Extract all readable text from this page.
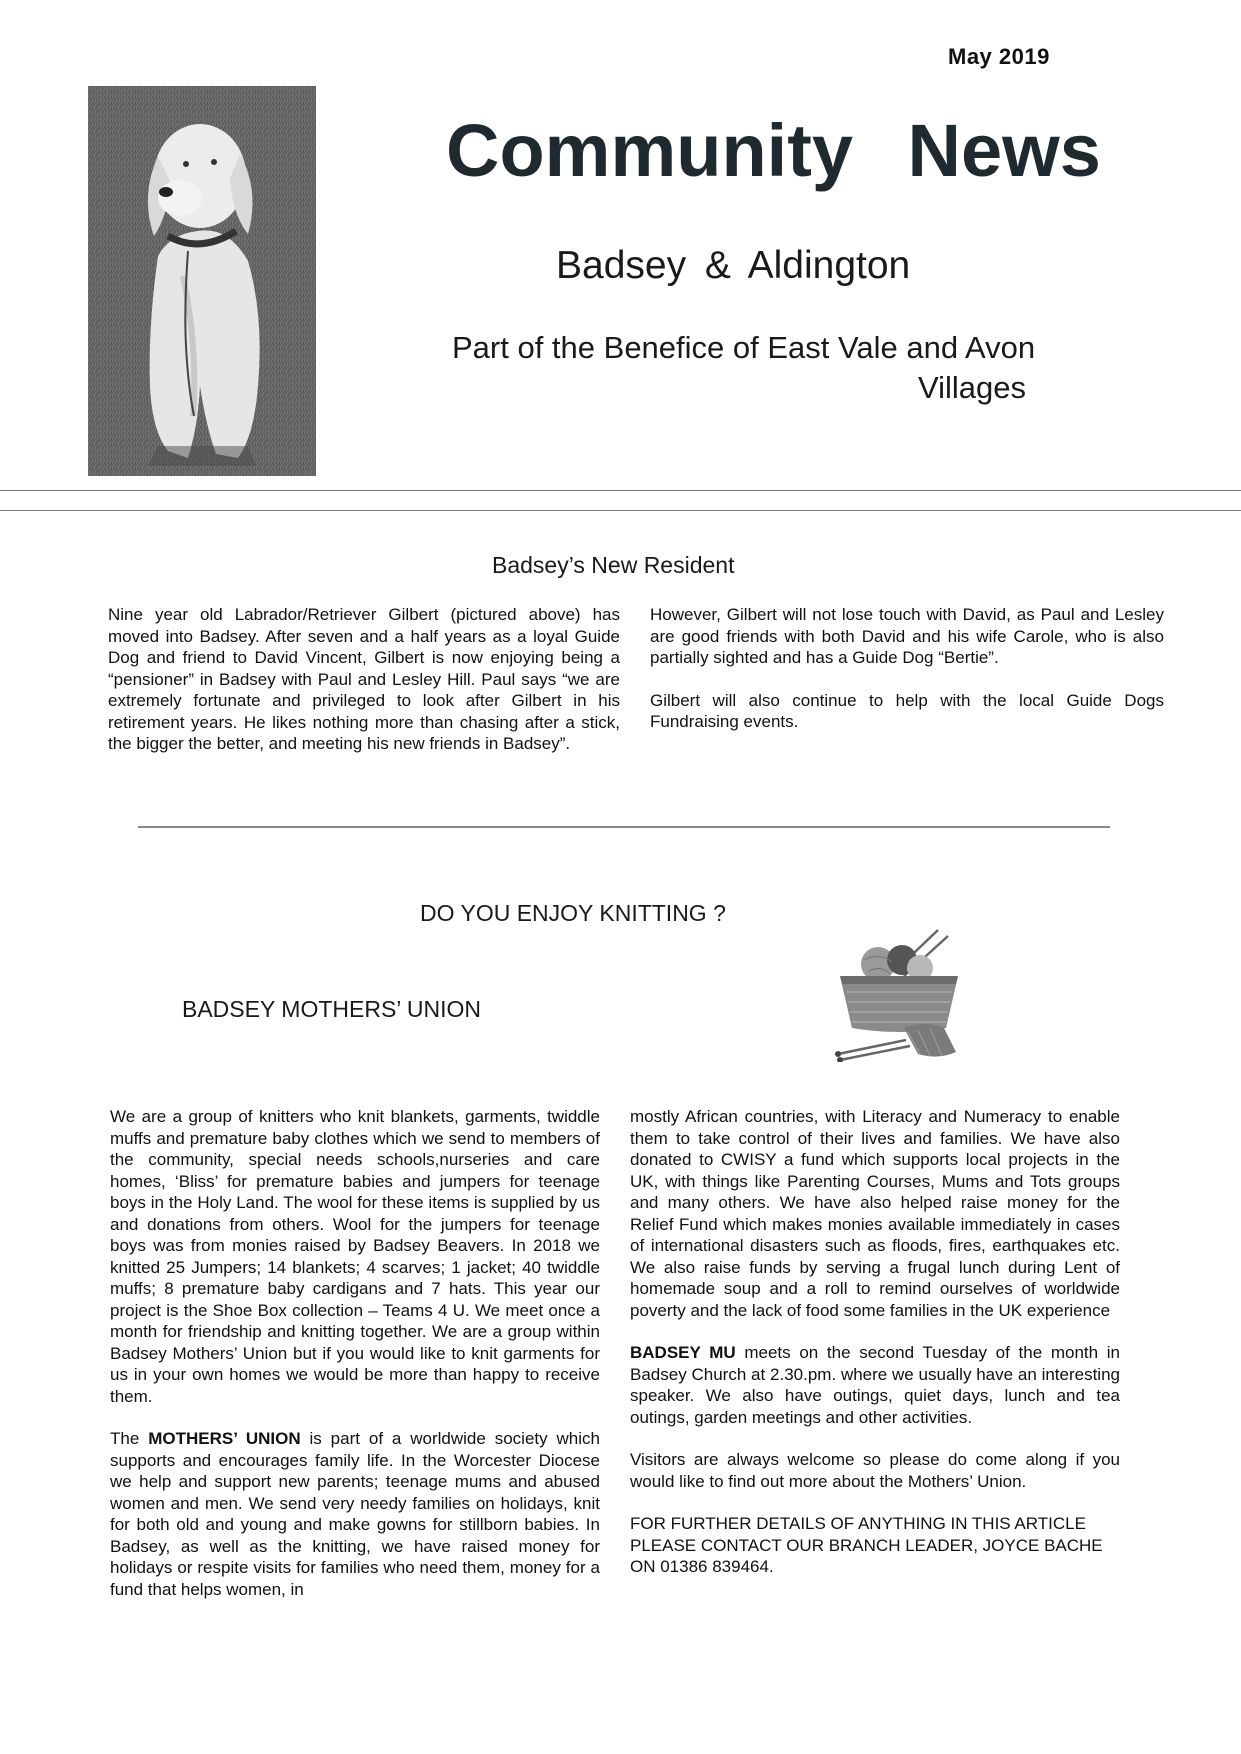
May 2019
Community News
Badsey & Aldington
Part of the Benefice of East Vale and Avon
Villages
Badsey’s New Resident

Nine year old Labrador/Retriever Gilbert (pictured above) has moved into Badsey. After seven and a half years as a loyal Guide Dog and friend to David Vincent, Gilbert is now enjoying being a “pensioner” in Badsey with Paul and Lesley Hill. Paul says “we are extremely fortunate and privileged to look after Gilbert in his retirement years. He likes nothing more than chasing after a stick, the bigger the better, and meeting his new friends in Badsey”.

However, Gilbert will not lose touch with David, as Paul and Lesley are good friends with both David and his wife Carole, who is also partially sighted and has a Guide Dog “Bertie”.

Gilbert will also continue to help with the local Guide Dogs Fundraising events.

DO YOU ENJOY KNITTING ?
BADSEY MOTHERS’ UNION

We are a group of knitters who knit blankets, garments, twiddle muffs and premature baby clothes which we send to members of the community, special needs schools,nurseries and care homes, ‘Bliss’ for premature babies and jumpers for teenage boys in the Holy Land. The wool for these items is supplied by us and donations from others. Wool for the jumpers for teenage boys was from monies raised by Badsey Beavers. In 2018 we knitted 25 Jumpers; 14 blankets; 4 scarves; 1 jacket; 40 twiddle muffs; 8 premature baby cardigans and 7 hats. This year our project is the Shoe Box collection – Teams 4 U. We meet once a month for friendship and knitting together. We are a group within Badsey Mothers’ Union but if you would like to knit garments for us in your own homes we would be more than happy to receive them.

The MOTHERS’ UNION is part of a worldwide society which supports and encourages family life. In the Worcester Diocese we help and support new parents; teenage mums and abused women and men. We send very needy families on holidays, knit for both old and young and make gowns for stillborn babies. In Badsey, as well as the knitting, we have raised money for holidays or respite visits for families who need them, money for a fund that helps women, in

mostly African countries, with Literacy and Numeracy to enable them to take control of their lives and families. We have also donated to CWISY a fund which supports local projects in the UK, with things like Parenting Courses, Mums and Tots groups and many others. We have also helped raise money for the Relief Fund which makes monies available immediately in cases of international disasters such as floods, fires, earthquakes etc. We also raise funds by serving a frugal lunch during Lent of homemade soup and a roll to remind ourselves of worldwide poverty and the lack of food some families in the UK experience

BADSEY MU meets on the second Tuesday of the month in Badsey Church at 2.30.pm. where we usually have an interesting speaker. We also have outings, quiet days, lunch and tea outings, garden meetings and other activities.

Visitors are always welcome so please do come along if you would like to find out more about the Mothers’ Union.

FOR FURTHER DETAILS OF ANYTHING IN THIS ARTICLE PLEASE CONTACT OUR BRANCH LEADER, JOYCE BACHE ON 01386 839464.
